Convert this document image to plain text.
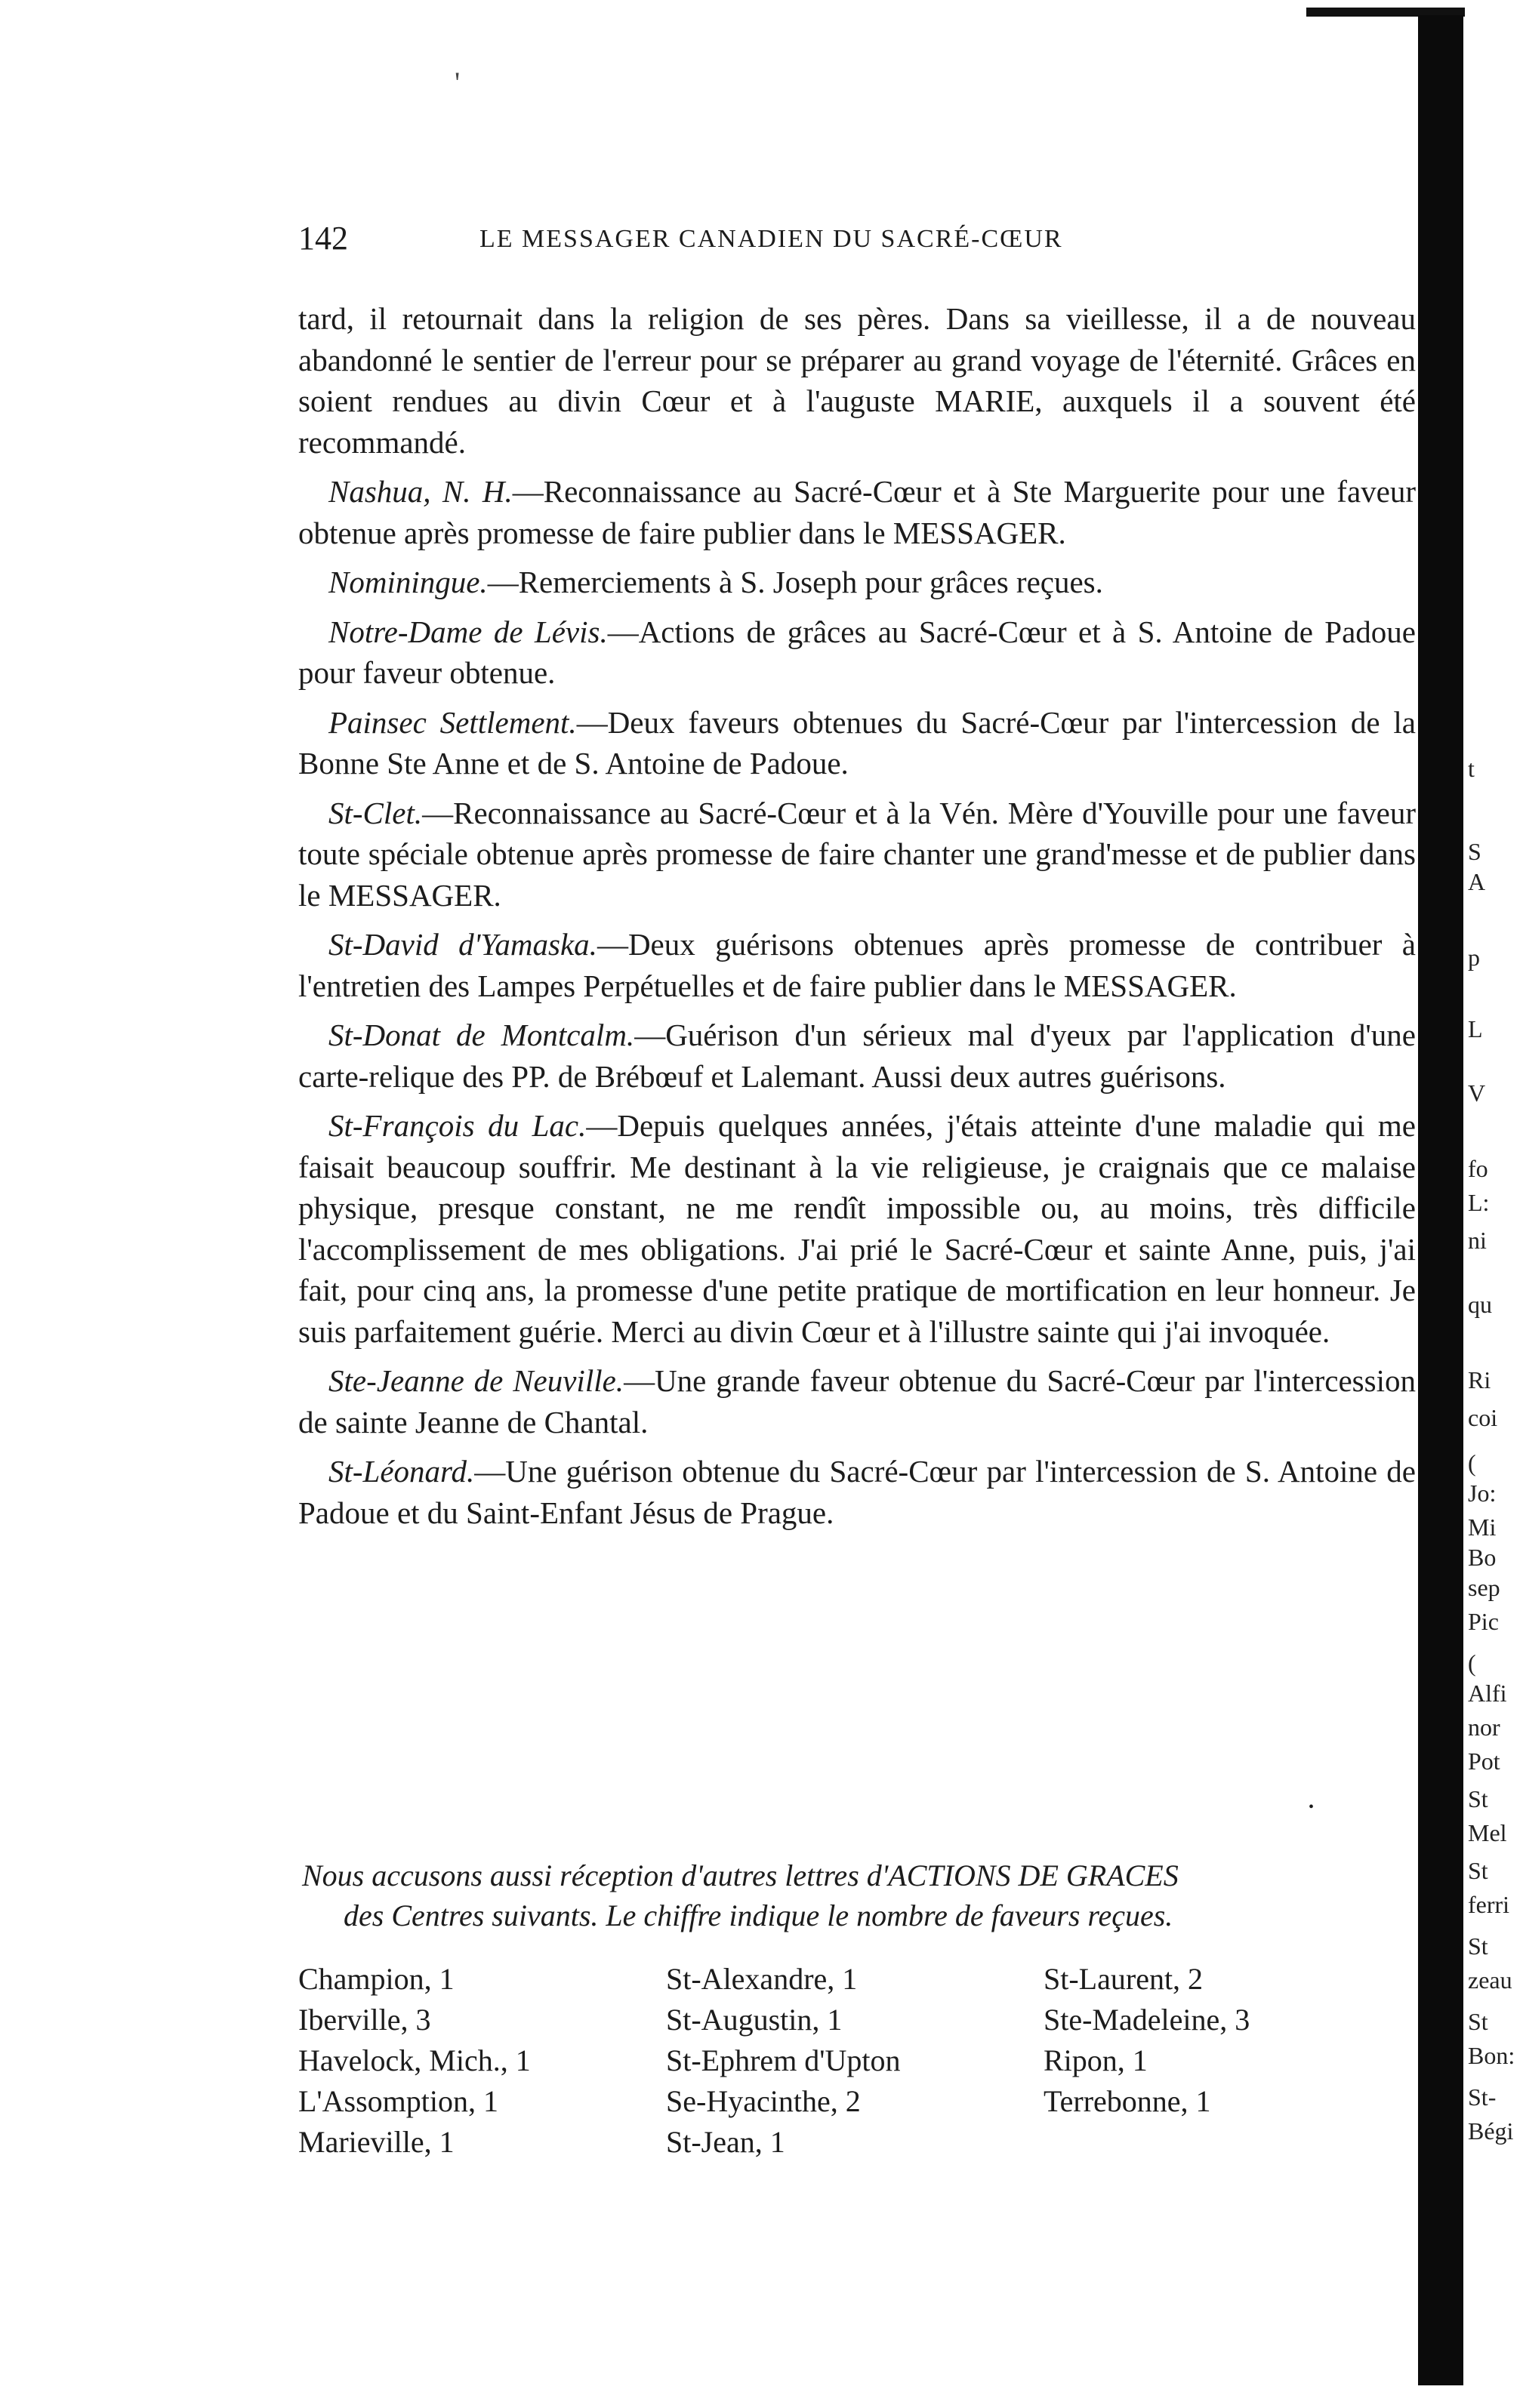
'
142	LE MESSAGER CANADIEN DU SACRÉ-CŒUR

tard, il retournait dans la religion de ses pères. Dans sa vieillesse, il a de nouveau abandonné le sentier de l'erreur pour se préparer au grand voyage de l'éternité. Grâces en soient rendues au divin Cœur et à l'auguste MARIE, auxquels il a souvent été recommandé.

Nashua, N. H.—Reconnaissance au Sacré-Cœur et à Ste Marguerite pour une faveur obtenue après promesse de faire publier dans le MESSAGER.

Nominingue.—Remerciements à S. Joseph pour grâces reçues.

Notre-Dame de Lévis.—Actions de grâces au Sacré-Cœur et à S. Antoine de Padoue pour faveur obtenue.

Painsec Settlement.—Deux faveurs obtenues du Sacré-Cœur par l'intercession de la Bonne Ste Anne et de S. Antoine de Padoue.

St-Clet.—Reconnaissance au Sacré-Cœur et à la Vén. Mère d'Youville pour une faveur toute spéciale obtenue après promesse de faire chanter une grand'messe et de publier dans le MESSAGER.

St-David d'Yamaska.—Deux guérisons obtenues après promesse de contribuer à l'entretien des Lampes Perpétuelles et de faire publier dans le MESSAGER.

St-Donat de Montcalm.—Guérison d'un sérieux mal d'yeux par l'application d'une carte-relique des PP. de Brébœuf et Lalemant. Aussi deux autres guérisons.

St-François du Lac.—Depuis quelques années, j'étais atteinte d'une maladie qui me faisait beaucoup souffrir. Me destinant à la vie religieuse, je craignais que ce malaise physique, presque constant, ne me rendît impossible ou, au moins, très difficile l'accomplissement de mes obligations. J'ai prié le Sacré-Cœur et sainte Anne, puis, j'ai fait, pour cinq ans, la promesse d'une petite pratique de mortification en leur honneur. Je suis parfaitement guérie. Merci au divin Cœur et à l'illustre sainte qui j'ai invoquée.

Ste-Jeanne de Neuville.—Une grande faveur obtenue du Sacré-Cœur par l'intercession de sainte Jeanne de Chantal.

St-Léonard.—Une guérison obtenue du Sacré-Cœur par l'intercession de S. Antoine de Padoue et du Saint-Enfant Jésus de Prague.

•
Nous accusons aussi réception d'autres lettres d'ACTIONS DE GRACES
des Centres suivants. Le chiffre indique le nombre de faveurs reçues.
Champion, 1
Iberville, 3
Havelock, Mich., 1
L'Assomption, 1
Marieville, 1
St-Alexandre, 1
St-Augustin, 1
St-Ephrem d'Upton
Se-Hyacinthe, 2
St-Jean, 1
St-Laurent, 2
Ste-Madeleine, 3
Ripon, 1
Terrebonne, 1
t
S
A
p
L
V
fo
L:
ni
qu
Ri
coi
(
Jo:
Mi
Bo
sep
Pic
(
Alfi
nor
Pot
St
Mel
St
ferri
St
zeau
St
Bon:
St-
Bégi
